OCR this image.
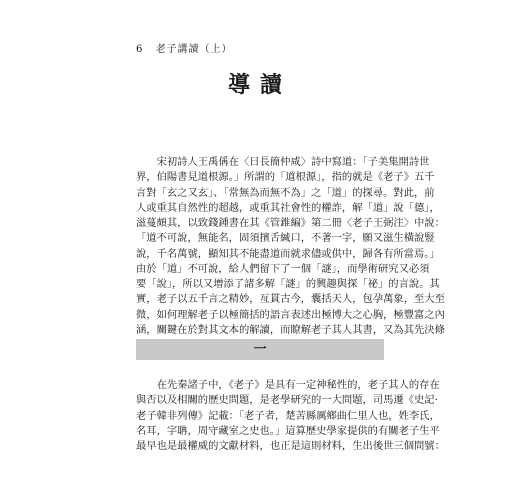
6 老子講讀（上）
導讀
　　宋初詩人王禹偁在〈日長簡仲咸〉詩中寫道：「子美集開詩世
界，伯陽書見道根源。」所謂的「道根源」，指的就是《老子》五千
言對「玄之又玄」、「常無為而無不為」之「道」的探尋。對此，前
人或重其自然性的超越，或重其社會性的權詐，解「道」說「德」，
滋蔓頗其，以致錢鍾書在其《管錐編》第二冊〈老子王弼注〉中說：
「道不可說，無能名，固須擯舌緘口，不著一字，願又滋生橫說豎
說，千名萬號，顯知其不能盡道而就求儘或供中，歸各有所當焉。」
由於「道」不可說，給人們留下了一個「謎」，而學術研究又必須
要「說」，所以又增添了諸多解「謎」的興趣與探「祕」的言說。其
實，老子以五千言之精妙，亙貫古今，囊括天人，包孕萬象，至大至
微，如何理解老子以極簡括的語言表述出極博大之心胸，極豐富之內
涵，關鍵在於對其文本的解讀，而瞭解老子其人其書，又為其先決條
一
　　在先秦諸子中，《老子》是具有一定神秘性的，老子其人的存在
與否以及相關的歷史問題，是老學研究的一大問題，司馬遷《史記·
老子韓非列傳》記載：「老子者，楚苦縣厲鄉曲仁里人也，姓李氏，
名耳，字聃，周守藏室之史也。」這算歷史學家提供的有關老子生平
最早也是最權威的文獻材料，也正是這則材料，生出後世三個問號：
